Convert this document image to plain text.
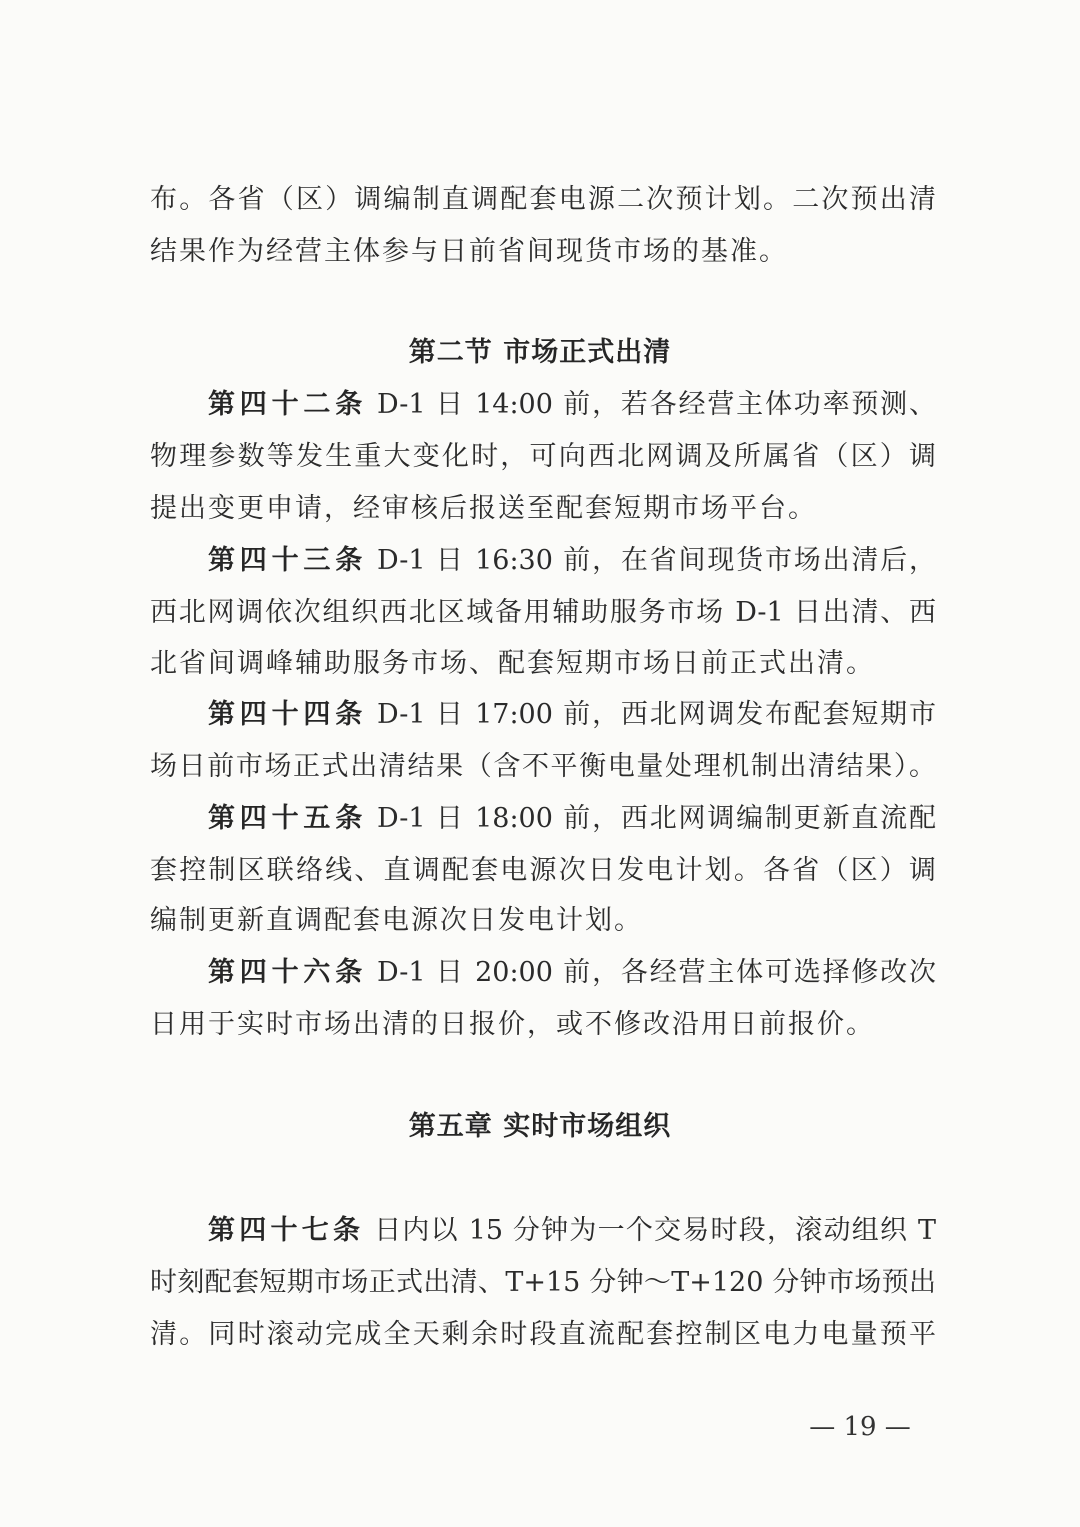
布。各省（区）调编制直调配套电源二次预计划。二次预出清
结果作为经营主体参与日前省间现货市场的基准。
第二节 市场正式出清
第四十二条 D-1 日 14:00 前，若各经营主体功率预测、
物理参数等发生重大变化时，可向西北网调及所属省（区）调
提出变更申请，经审核后报送至配套短期市场平台。
第四十三条 D-1 日 16:30 前，在省间现货市场出清后，
西北网调依次组织西北区域备用辅助服务市场 D-1 日出清、西
北省间调峰辅助服务市场、配套短期市场日前正式出清。
第四十四条 D-1 日 17:00 前，西北网调发布配套短期市
场日前市场正式出清结果（含不平衡电量处理机制出清结果）。
第四十五条 D-1 日 18:00 前，西北网调编制更新直流配
套控制区联络线、直调配套电源次日发电计划。各省（区）调
编制更新直调配套电源次日发电计划。
第四十六条 D-1 日 20:00 前，各经营主体可选择修改次
日用于实时市场出清的日报价，或不修改沿用日前报价。
第五章 实时市场组织
第四十七条 日内以 15 分钟为一个交易时段，滚动组织 T
时刻配套短期市场正式出清、T+15 分钟～T+120 分钟市场预出
清。同时滚动完成全天剩余时段直流配套控制区电力电量预平
— 19 —
